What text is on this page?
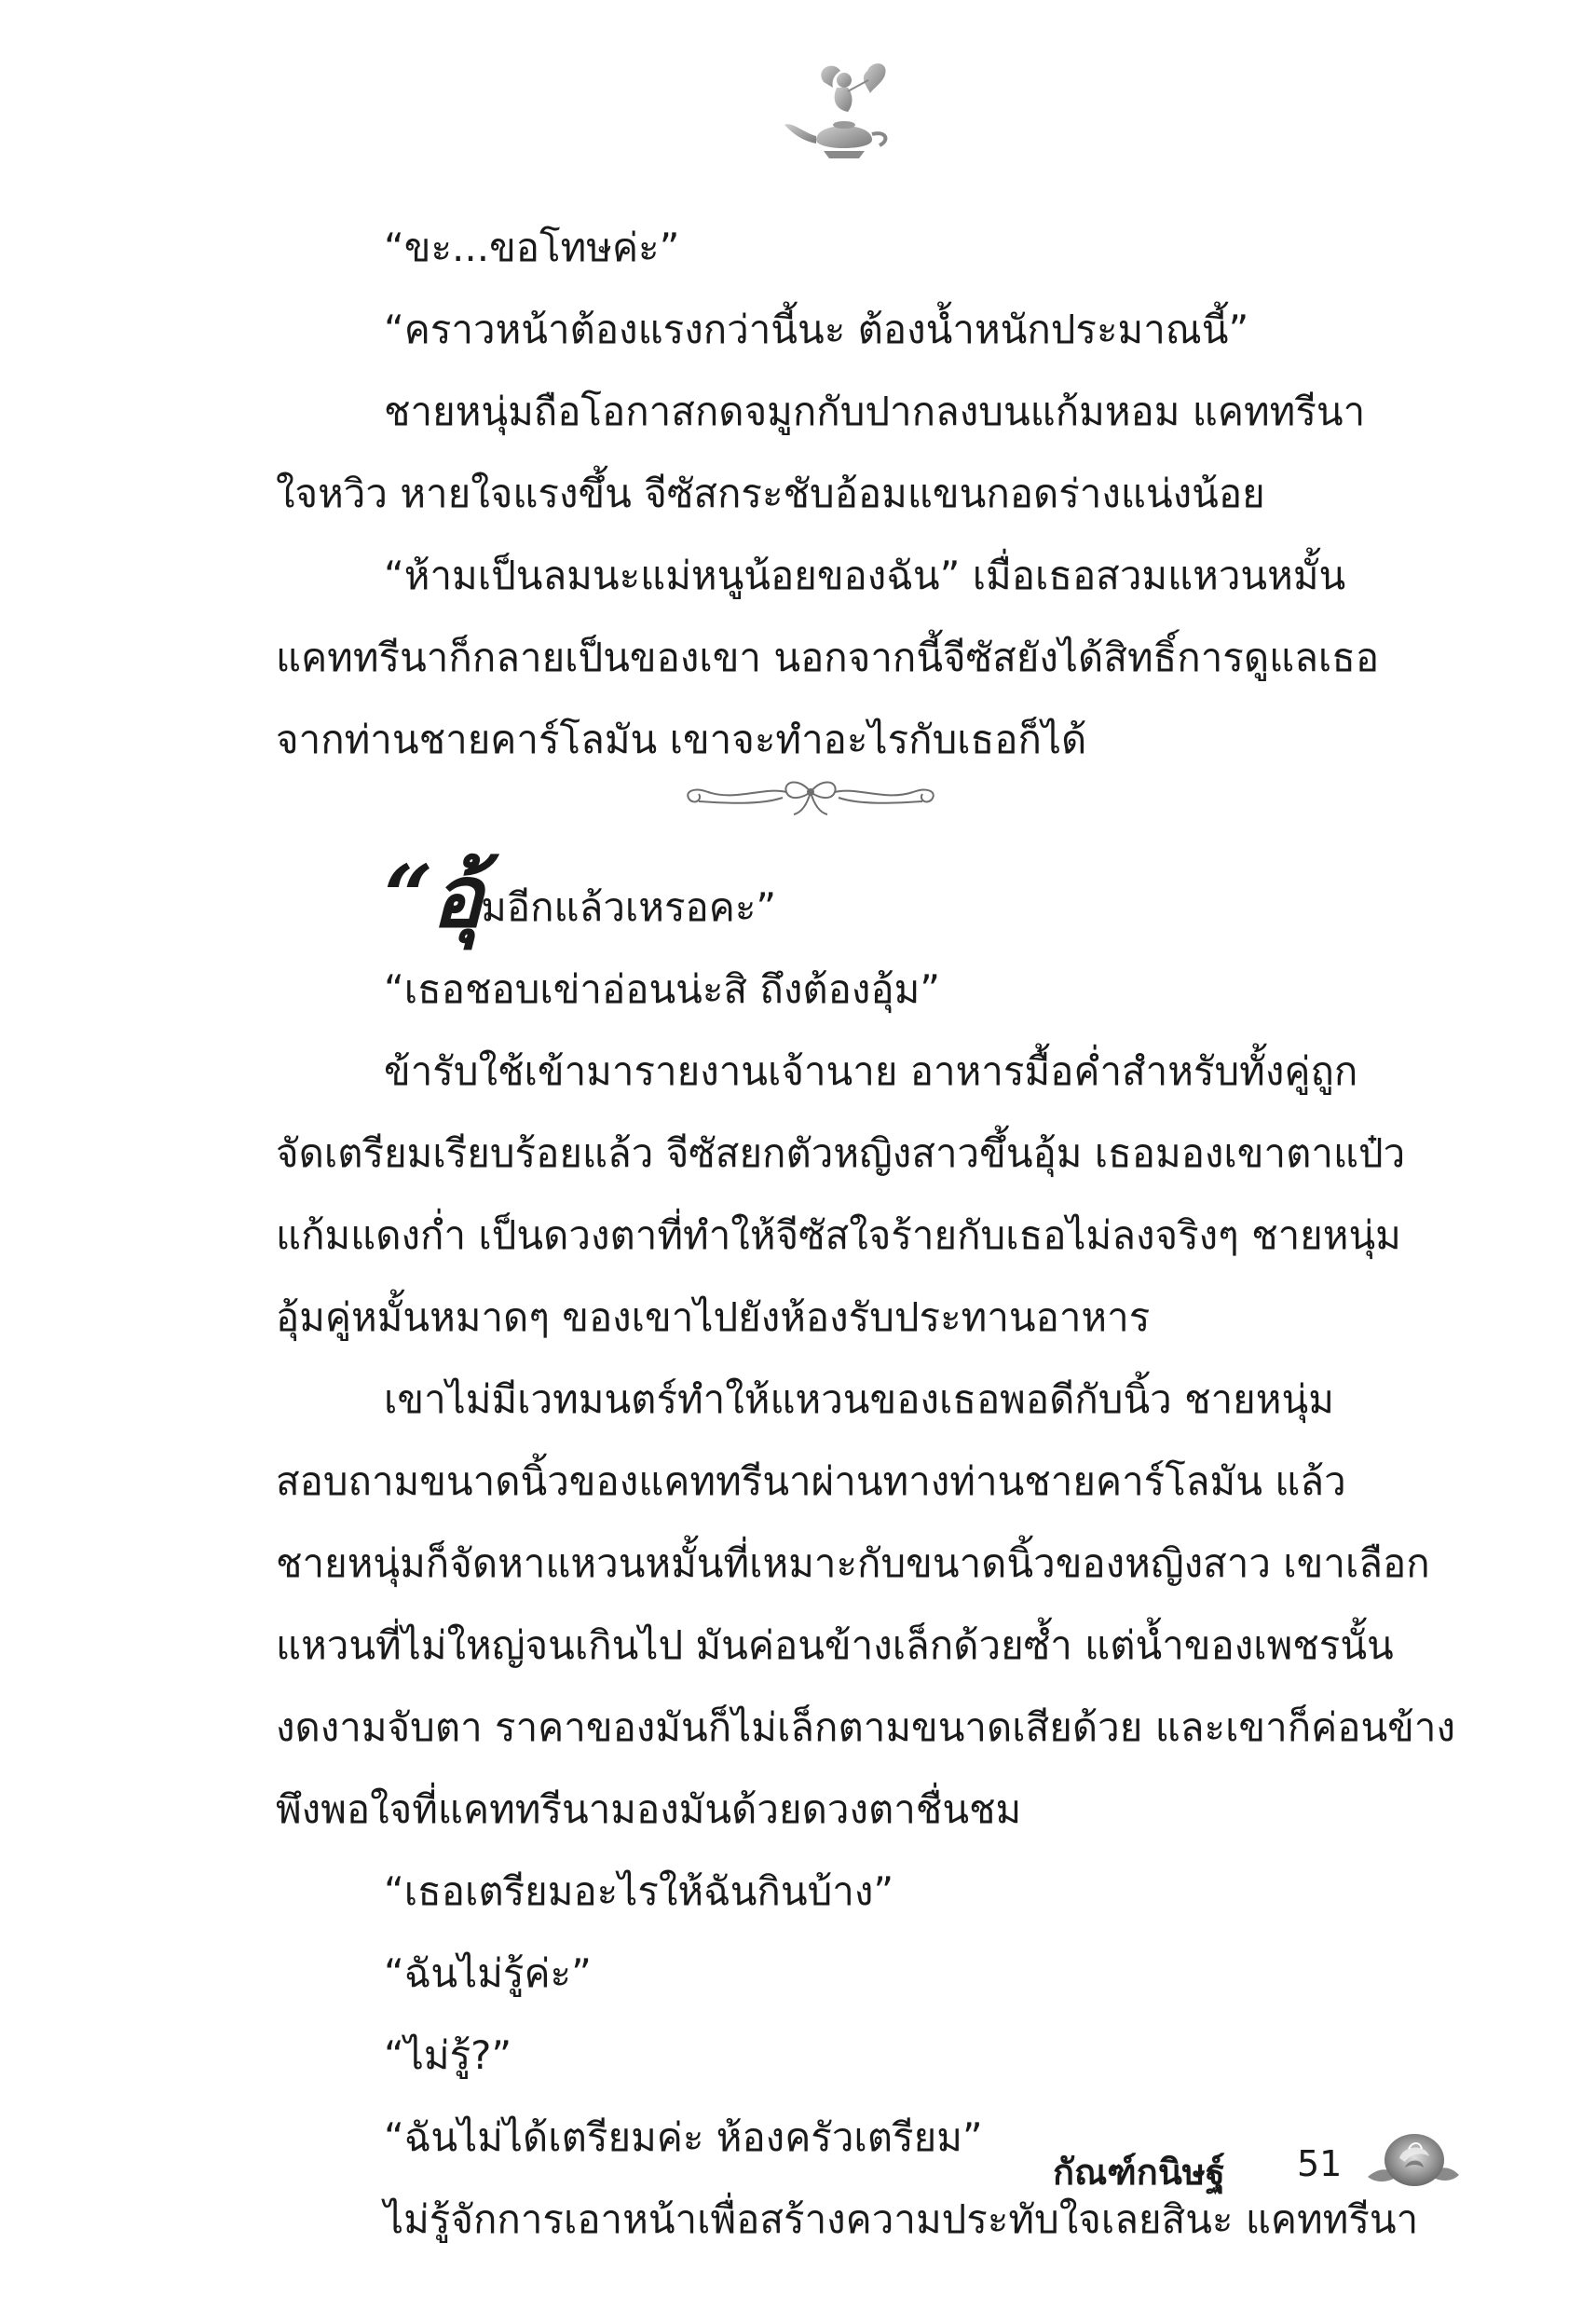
“ขะ...ขอโทษค่ะ”

“คราวหน้าต้องแรงกว่านี้นะ ต้องน้ำหนักประมาณนี้”

ชายหนุ่มถือโอกาสกดจมูกกับปากลงบนแก้มหอม แคททรีนา

ใจหวิว หายใจแรงขึ้น จีซัสกระชับอ้อมแขนกอดร่างแน่งน้อย

“ห้ามเป็นลมนะแม่หนูน้อยของฉัน” เมื่อเธอสวมแหวนหมั้น

แคททรีนาก็กลายเป็นของเขา นอกจากนี้จีซัสยังได้สิทธิ์การดูแลเธอ

จากท่านชายคาร์โลมัน เขาจะทำอะไรกับเธอก็ได้

“อุ้มอีกแล้วเหรอคะ”

“เธอชอบเข่าอ่อนน่ะสิ ถึงต้องอุ้ม”

ข้ารับใช้เข้ามารายงานเจ้านาย อาหารมื้อค่ำสำหรับทั้งคู่ถูก

จัดเตรียมเรียบร้อยแล้ว จีซัสยกตัวหญิงสาวขึ้นอุ้ม เธอมองเขาตาแป๋ว

แก้มแดงก่ำ เป็นดวงตาที่ทำให้จีซัสใจร้ายกับเธอไม่ลงจริงๆ ชายหนุ่ม

อุ้มคู่หมั้นหมาดๆ ของเขาไปยังห้องรับประทานอาหาร

เขาไม่มีเวทมนตร์ทำให้แหวนของเธอพอดีกับนิ้ว ชายหนุ่ม

สอบถามขนาดนิ้วของแคททรีนาผ่านทางท่านชายคาร์โลมัน แล้ว

ชายหนุ่มก็จัดหาแหวนหมั้นที่เหมาะกับขนาดนิ้วของหญิงสาว เขาเลือก

แหวนที่ไม่ใหญ่จนเกินไป มันค่อนข้างเล็กด้วยซ้ำ แต่น้ำของเพชรนั้น

งดงามจับตา ราคาของมันก็ไม่เล็กตามขนาดเสียด้วย และเขาก็ค่อนข้าง

พึงพอใจที่แคททรีนามองมันด้วยดวงตาชื่นชม

“เธอเตรียมอะไรให้ฉันกินบ้าง”

“ฉันไม่รู้ค่ะ”

“ไม่รู้?”

“ฉันไม่ได้เตรียมค่ะ ห้องครัวเตรียม”

ไม่รู้จักการเอาหน้าเพื่อสร้างความประทับใจเลยสินะ แคททรีนา

กัณฑ์กนิษฐ์ 51
